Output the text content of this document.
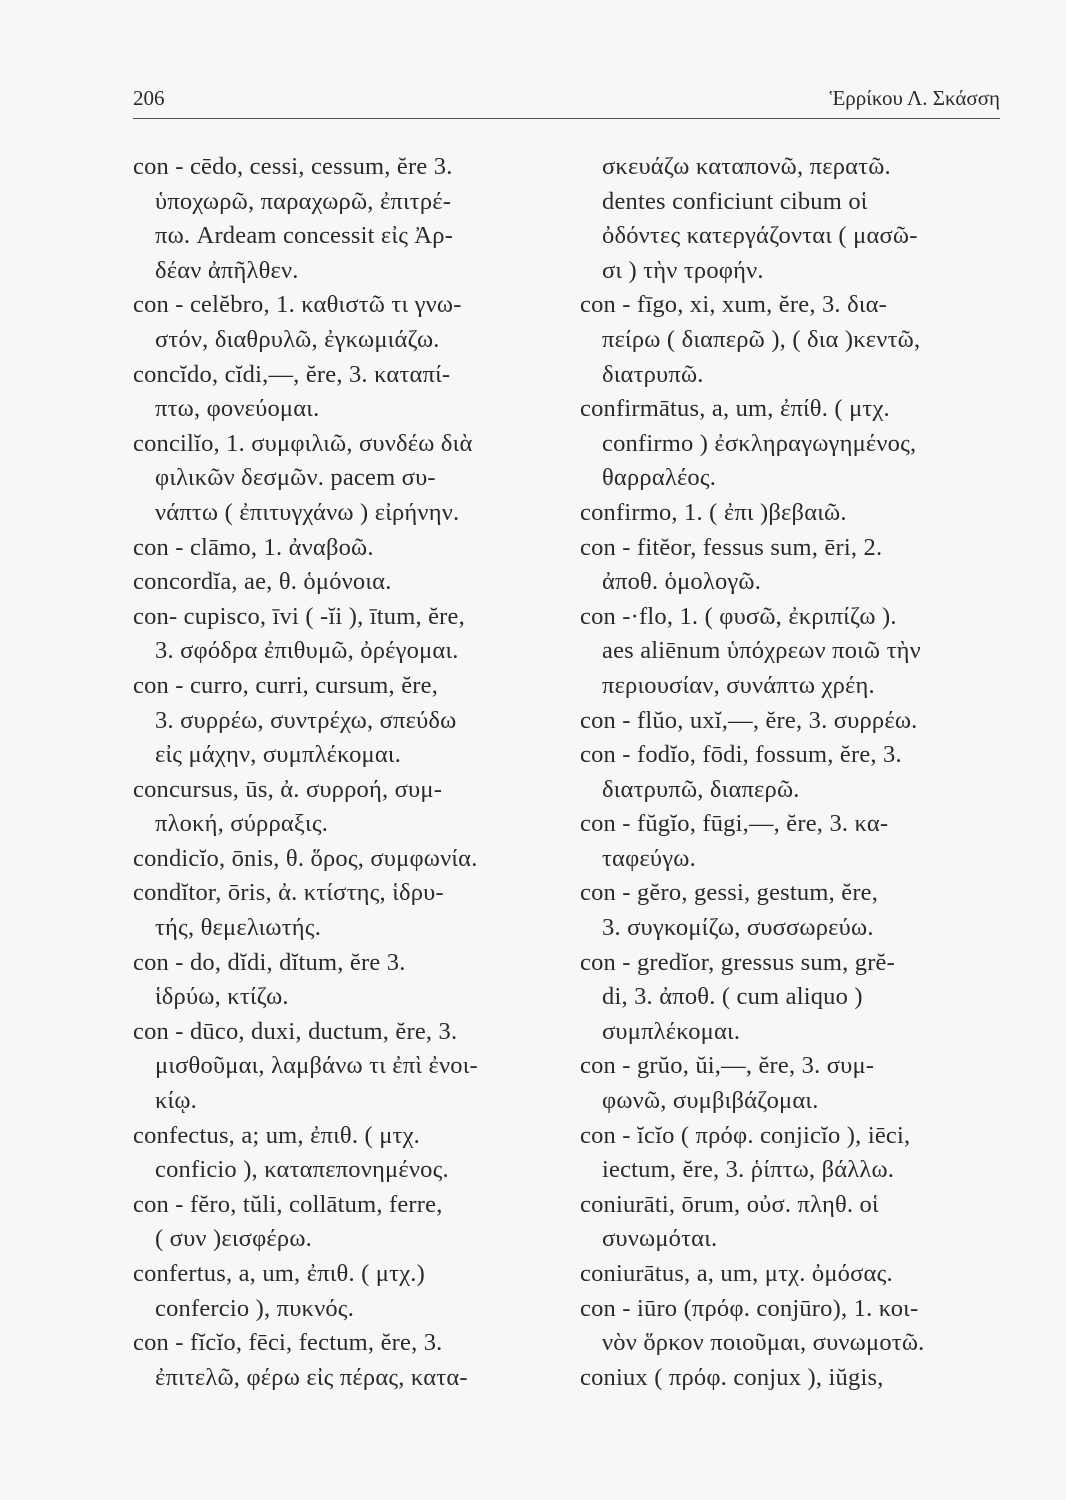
206	Ἑρρίκου Λ. Σκάσση
con - cēdo, cessi, cessum, ĕre 3.
ὑποχωρῶ, παραχωρῶ, ἐπιτρέ-
πω. Ardeam concessit εἰς Ἀρ-
δέαν ἀπῆλθεν.
con - celĕbro, 1. καθιστῶ τι γνω-
στόν, διαθρυλῶ, ἐγκωμιάζω.
concĭdo, cĭdi,—, ĕre, 3. καταπί-
πτω, φονεύομαι.
concilĭo, 1. συμφιλιῶ, συνδέω διὰ
φιλικῶν δεσμῶν. pacem συ-
νάπτω ( ἐπιτυγχάνω ) εἰρήνην.
con - clāmo, 1. ἀναβοῶ.
concordĭa, ae, θ. ὁμόνοια.
con- cupisco, īvi ( -ĭi ), ītum, ĕre,
3. σφόδρα ἐπιθυμῶ, ὀρέγομαι.
con - curro, curri, cursum, ĕre,
3. συρρέω, συντρέχω, σπεύδω
εἰς μάχην, συμπλέκομαι.
concursus, ūs, ἀ. συρροή, συμ-
πλοκή, σύρραξις.
condicĭo, ōnis, θ. ὅρος, συμφωνία.
condĭtor, ōris, ἀ. κτίστης, ἱδρυ-
τής, θεμελιωτής.
con - do, dĭdi, dĭtum, ĕre 3.
ἱδρύω, κτίζω.
con - dūco, duxi, ductum, ĕre, 3.
μισθοῦμαι, λαμβάνω τι ἐπὶ ἐνοι-
κίῳ.
confectus, a; um, ἐπιθ. ( μτχ.
conficio ), καταπεπονημένος.
con - fĕro, tŭli, collātum, ferre,
( συν )εισφέρω.
confertus, a, um, ἐπιθ. ( μτχ.)
confercio ), πυκνός.
con - fĭcĭo, fēci, fectum, ĕre, 3.
ἐπιτελῶ, φέρω εἰς πέρας, κατα-
σκευάζω καταπονῶ, περατῶ.
dentes conficiunt cibum οἱ
ὀδόντες κατεργάζονται ( μασῶ-
σι ) τὴν τροφήν.
con - fīgo, xi, xum, ĕre, 3. δια-
πείρω ( διαπερῶ ), ( δια )κεντῶ,
διατρυπῶ.
confirmātus, a, um, ἐπίθ. ( μτχ.
confirmo ) ἐσκληραγωγημένος,
θαρραλέος.
confirmo, 1. ( ἐπι )βεβαιῶ.
con - fitĕor, fessus sum, ēri, 2.
ἀποθ. ὁμολογῶ.
con -·flo, 1. ( φυσῶ, ἐκριπίζω ).
aes aliēnum ὑπόχρεων ποιῶ τὴν
περιουσίαν, συνάπτω χρέη.
con - flŭo, uxĭ,—, ĕre, 3. συρρέω.
con - fodĭo, fōdi, fossum, ĕre, 3.
διατρυπῶ, διαπερῶ.
con - fŭgĭo, fūgi,—, ĕre, 3. κα-
ταφεύγω.
con - gĕro, gessi, gestum, ĕre,
3. συγκομίζω, συσσωρεύω.
con - gredĭor, gressus sum, grĕ-
di, 3. ἀποθ. ( cum aliquo )
συμπλέκομαι.
con - grŭo, ŭi,—, ĕre, 3. συμ-
φωνῶ, συμβιβάζομαι.
con - ĭcĭo ( πρόφ. conjicĭo ), iēci,
iectum, ĕre, 3. ῥίπτω, βάλλω.
coniurāti, ōrum, οὐσ. πληθ. οἱ
συνωμόται.
coniurātus, a, um, μτχ. ὀμόσας.
con - iūro (πρόφ. conjūro), 1. κοι-
νὸν ὅρκον ποιοῦμαι, συνωμοτῶ.
coniux ( πρόφ. conjux ), iŭgis,
